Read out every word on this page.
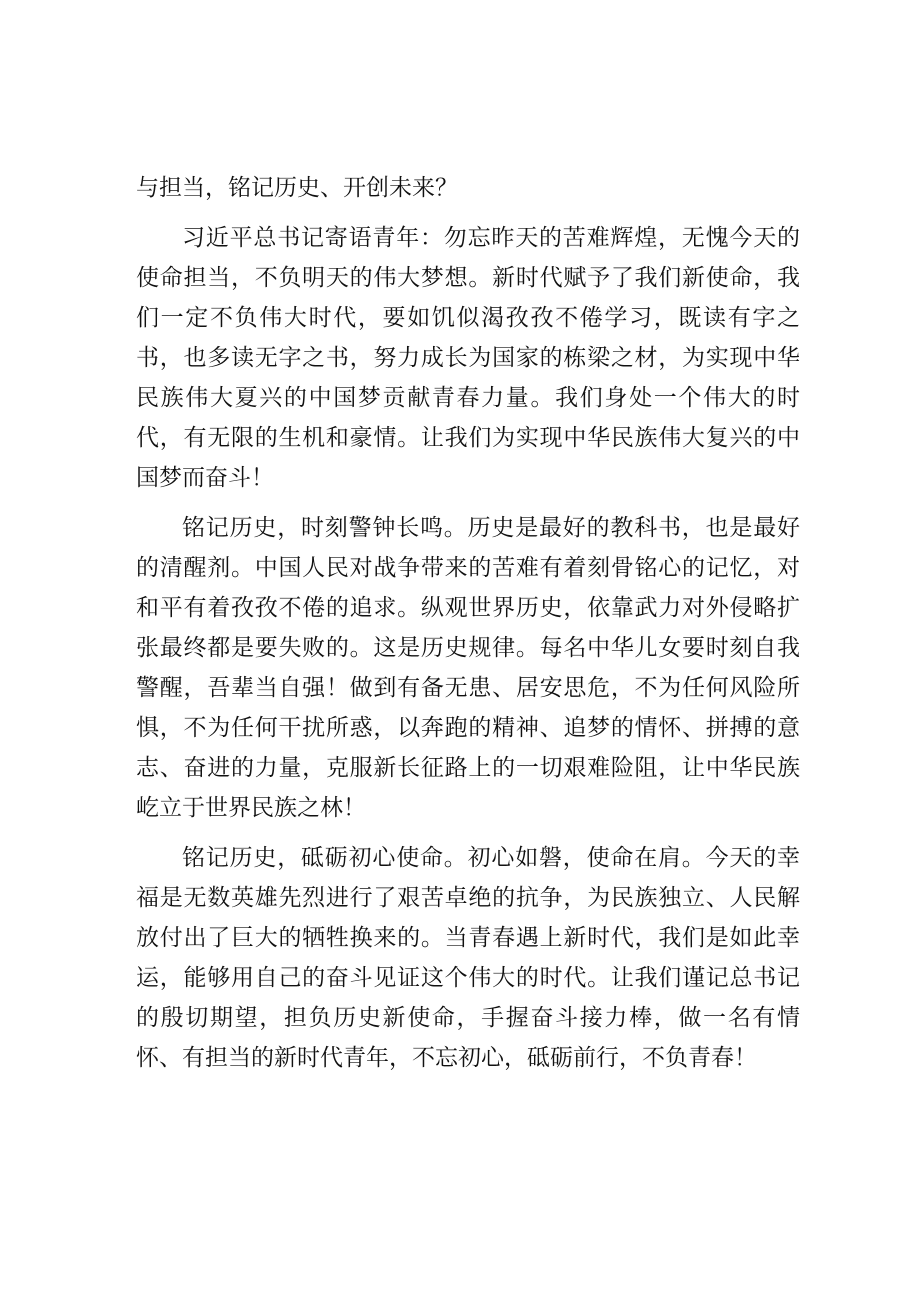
与担当，铭记历史、开创未来？

习近平总书记寄语青年：勿忘昨天的苦难辉煌，无愧今天的使命担当，不负明天的伟大梦想。新时代赋予了我们新使命，我们一定不负伟大时代，要如饥似渴孜孜不倦学习，既读有字之书，也多读无字之书，努力成长为国家的栋梁之材，为实现中华民族伟大夏兴的中国梦贡献青春力量。我们身处一个伟大的时代，有无限的生机和豪情。让我们为实现中华民族伟大复兴的中国梦而奋斗！

铭记历史，时刻警钟长鸣。历史是最好的教科书，也是最好的清醒剂。中国人民对战争带来的苦难有着刻骨铭心的记忆，对和平有着孜孜不倦的追求。纵观世界历史，依靠武力对外侵略扩张最终都是要失败的。这是历史规律。每名中华儿女要时刻自我警醒，吾辈当自强！做到有备无患、居安思危，不为任何风险所惧，不为任何干扰所惑，以奔跑的精神、追梦的情怀、拼搏的意志、奋进的力量，克服新长征路上的一切艰难险阻，让中华民族屹立于世界民族之林！

铭记历史，砥砺初心使命。初心如磐，使命在肩。今天的幸福是无数英雄先烈进行了艰苦卓绝的抗争，为民族独立、人民解放付出了巨大的牺牲换来的。当青春遇上新时代，我们是如此幸运，能够用自己的奋斗见证这个伟大的时代。让我们谨记总书记的殷切期望，担负历史新使命，手握奋斗接力棒，做一名有情怀、有担当的新时代青年，不忘初心，砥砺前行，不负青春！
